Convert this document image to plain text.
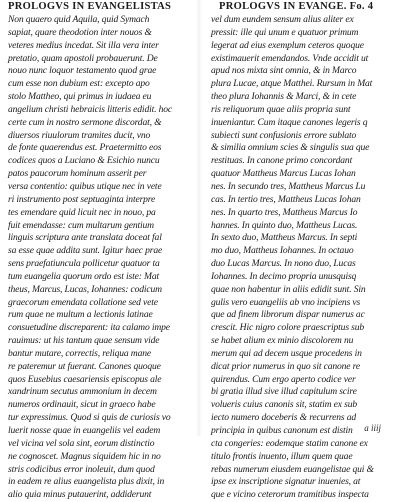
PROLOGVS IN EVANGELISTAS
Non quaero quid Aquila, quid Symach
sapiat, quare theodotion inter nouos &
veteres medius incedat. Sit illa vera inter
pretatio, quam apostoli probauerunt. De
nouo nunc loquor testamento quod grae
cum esse non dubium est: excepto apo
stolo Mattheo, qui primus in iudaea eu
angelium christi hebraicis litteris edidit. hoc
certe cum in nostro sermone discordat, &
diuersos riuulorum tramites ducit, vno
de fonte quaerendus est. Praetermitto eos
codices quos a Luciano & Esichio nuncu
patos paucorum hominum asserit per
versa contentio: quibus utique nec in vete
ri instrumento post septuaginta interpre
tes emendare quid licuit nec in nouo, pa
fuit emendasse: cum multarum gentium
linguis scriptura ante translata doceat fal
sa esse quae addita sunt. Igitur haec prae
sens praefatiuncula pollicetur quatuor ta
tum euangelia quorum ordo est iste: Mat
theus, Marcus, Lucas, Iohannes: codicum
graecorum emendata collatione sed vete
rum quae ne multum a lectionis latinae
consuetudine discreparent: ita calamo impe
rauimus: ut his tantum quae sensum vide
bantur mutare, correctis, reliqua mane
re pateremur ut fuerant. Canones quoque
quos Eusebius caesariensis episcopus ale
xandrinum secutus ammonium in decem
numeros ordinauit, sicut in graeco habe
tur expressimus. Quod si quis de curiosis vo
luerit nosse quae in euangeliis vel eadem
vel vicina vel sola sint, eorum distinctio
ne cognoscet. Magnus siquidem hic in no
stris codicibus error inoleuit, dum quod
in eadem re alius euangelista plus dixit, in
alio quia minus putauerint, addiderunt
PROLOGVS IN EVANGE. Fo. 4
vel dum eundem sensum alius aliter ex
pressit: ille qui unum e quatuor primum
legerat ad eius exemplum ceteros quoque
existimauerit emendandos. Vnde accidit ut
apud nos mixta sint omnia, & in Marco
plura Lucae, atque Matthei. Rursum in Mat
theo plura Iohannis & Marci, & in cete
ris reliquorum quae aliis propria sunt
inueniantur. Cum itaque canones legeris q
subiecti sunt confusionis errore sublato
& similia omnium scies & singulis sua que
restituas. In canone primo concordant
quatuor Mattheus Marcus Lucas Iohan
nes. In secundo tres, Mattheus Marcus Lu
cas. In tertio tres, Mattheus Lucas Iohan
nes. In quarto tres, Mattheus Marcus Io
hannes. In quinto duo, Mattheus Lucas.
In sexto duo, Mattheus Marcus. In septi
mo duo, Mattheus Iohannes. In octauo
duo Lucas Marcus. In nono duo, Lucas
Iohannes. In decimo propria unusquisq
quae non habentur in aliis edidit sunt. Sin
gulis vero euangeliis ab vno incipiens vs
que ad finem librorum dispar numerus ac
crescit. Hic nigro colore praescriptus sub
se habet alium ex minio discolorem nu
merum qui ad decem usque procedens in
dicat prior numerus in quo sit canone re
quirendus. Cum ergo aperto codice ver
bi gratia illud sive illud capitulum scire
volueris cuius canonis sit, statim ex sub
iecto numero doceberis & recurrens ad
principia in quibus canonum est distin
cta congeries: eodemque statim canone ex
titulo frontis inuento, illum quem quae
rebas numerum eiusdem euangelistae qui &
ipse ex inscriptione signatur inuenies, at
que e vicino ceterorum tramitibus inspecta
a iiij
